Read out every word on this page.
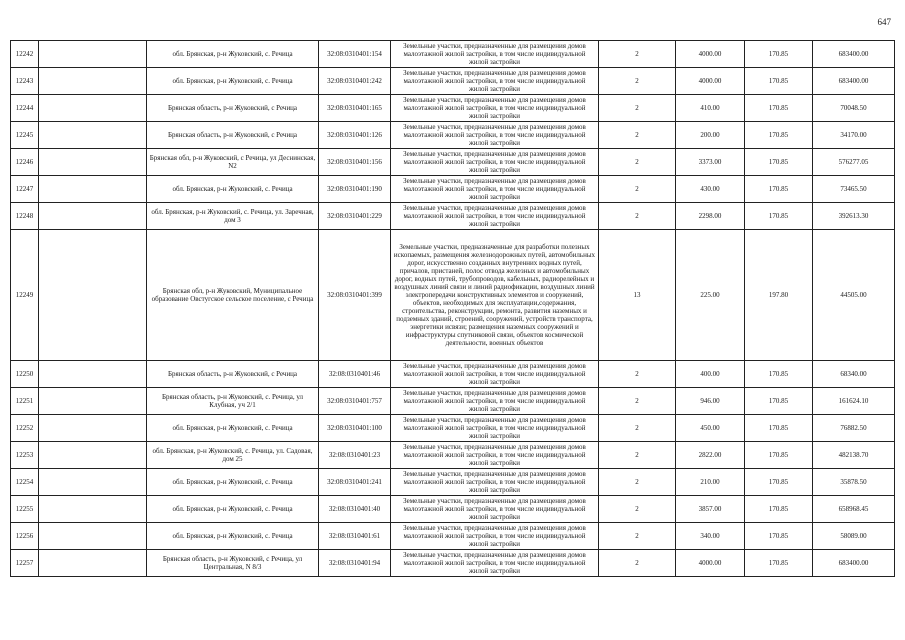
647
12242		обл. Брянская, р-н Жуковский, с. Речица	32:08:0310401:154	Земельные участки, предназначенные для размещения домов малоэтажной жилой застройки, в том числе индивидуальной жилой застройки	2	4000.00	170.85	683400.00
12243		обл. Брянская, р-н Жуковский, с. Речица	32:08:0310401:242	Земельные участки, предназначенные для размещения домов малоэтажной жилой застройки, в том числе индивидуальной жилой застройки	2	4000.00	170.85	683400.00
12244		Брянская область, р-н Жуковский, с Речица	32:08:0310401:165	Земельные участки, предназначенные для размещения домов малоэтажной жилой застройки, в том числе индивидуальной жилой застройки	2	410.00	170.85	70048.50
12245		Брянская область, р-н Жуковский, с Речица	32:08:0310401:126	Земельные участки, предназначенные для размещения домов малоэтажной жилой застройки, в том числе индивидуальной жилой застройки	2	200.00	170.85	34170.00
12246		Брянская обл, р-н Жуковский, с Речица, ул Деснинская, N2	32:08:0310401:156	Земельные участки, предназначенные для размещения домов малоэтажной жилой застройки, в том числе индивидуальной жилой застройки	2	3373.00	170.85	576277.05
12247		обл. Брянская, р-н Жуковский, с. Речица	32:08:0310401:190	Земельные участки, предназначенные для размещения домов малоэтажной жилой застройки, в том числе индивидуальной жилой застройки	2	430.00	170.85	73465.50
12248		обл. Брянская, р-н Жуковский, с. Речица, ул. Заречная, дом 3	32:08:0310401:229	Земельные участки, предназначенные для размещения домов малоэтажной жилой застройки, в том числе индивидуальной жилой застройки	2	2298.00	170.85	392613.30
12249		Брянская обл, р-н Жуковский, Муниципальное образование Овстугское сельское поселение, с Речица	32:08:0310401:399	Земельные участки, предназначенные для разработки полезных ископаемых, размещения железнодорожных путей, автомобильных дорог, искусственно созданных внутренних водных путей, причалов, пристаней, полос отвода железных и автомобильных дорог, водных путей, трубопроводов, кабельных, радиорелейных и воздушных линий связи и линий радиофикации, воздушных линий электропередачи конструктивных элементов и сооружений, объектов, необходимых для эксплуатации,содержания, строительства, реконструкции, ремонта, развития наземных и подземных зданий, строений, сооружений, устройств транспорта, энергетики исвязи; размещения наземных сооружений и инфраструктуры спутниковой связи, объектов космической деятельности, военных объектов	13	225.00	197.80	44505.00
12250		Брянская область, р-н Жуковский, с Речица	32:08:0310401:46	Земельные участки, предназначенные для размещения домов малоэтажной жилой застройки, в том числе индивидуальной жилой застройки	2	400.00	170.85	68340.00
12251		Брянская область, р-н Жуковский, с. Речица, ул Клубная, уч 2/1	32:08:0310401:757	Земельные участки, предназначенные для размещения домов малоэтажной жилой застройки, в том числе индивидуальной жилой застройки	2	946.00	170.85	161624.10
12252		обл. Брянская, р-н Жуковский, с. Речица	32:08:0310401:100	Земельные участки, предназначенные для размещения домов малоэтажной жилой застройки, в том числе индивидуальной жилой застройки	2	450.00	170.85	76882.50
12253		обл. Брянская, р-н Жуковский, с. Речица, ул. Садовая, дом 25	32:08:0310401:23	Земельные участки, предназначенные для размещения домов малоэтажной жилой застройки, в том числе индивидуальной жилой застройки	2	2822.00	170.85	482138.70
12254		обл. Брянская, р-н Жуковский, с. Речица	32:08:0310401:241	Земельные участки, предназначенные для размещения домов малоэтажной жилой застройки, в том числе индивидуальной жилой застройки	2	210.00	170.85	35878.50
12255		обл. Брянская, р-н Жуковский, с. Речица	32:08:0310401:40	Земельные участки, предназначенные для размещения домов малоэтажной жилой застройки, в том числе индивидуальной жилой застройки	2	3857.00	170.85	658968.45
12256		обл. Брянская, р-н Жуковский, с. Речица	32:08:0310401:61	Земельные участки, предназначенные для размещения домов малоэтажной жилой застройки, в том числе индивидуальной жилой застройки	2	340.00	170.85	58089.00
12257		Брянская область, р-н Жуковский, с Речица, ул Центральная, N 8/3	32:08:0310401:94	Земельные участки, предназначенные для размещения домов малоэтажной жилой застройки, в том числе индивидуальной жилой застройки	2	4000.00	170.85	683400.00
